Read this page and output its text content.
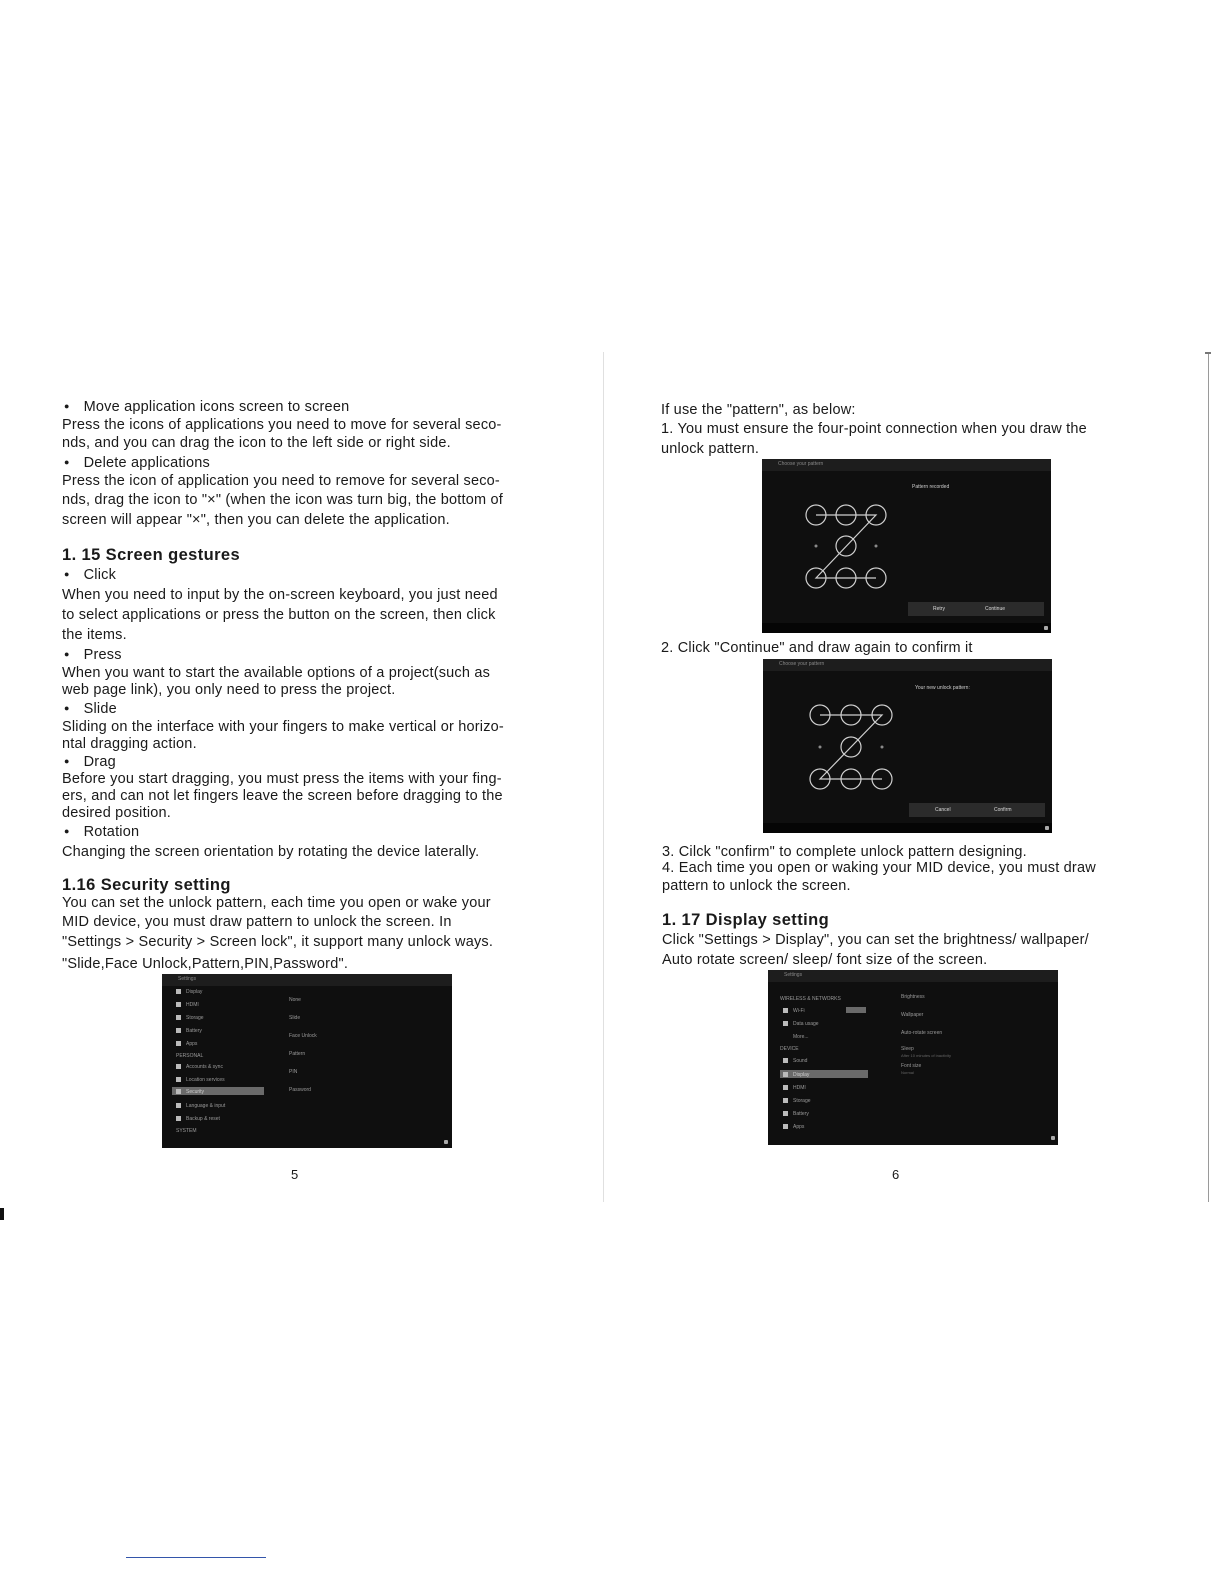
● Move application icons screen to screen
Press the icons of applications you need to move for several seco-
nds, and you can drag the icon to the left side or right side.
● Delete applications
Press the icon of application you need to remove for several seco-
nds, drag the icon to "×" (when the icon was turn big, the bottom of
screen will appear "×", then you can delete the application.
1. 15 Screen gestures
● Click
When you need to input by the on-screen keyboard, you just need
to select applications or press the button on the screen, then click
the items.
● Press
When you want to start the available options of a project(such as
web page link), you only need to press the project.
● Slide
Sliding on the interface with your fingers to make vertical or horizo-
ntal dragging action.
● Drag
Before you start dragging, you must press the items with your fing-
ers, and can not let fingers leave the screen before dragging to the
desired position.
● Rotation
Changing the screen orientation by rotating the device laterally.
1.16 Security setting
You can set the unlock pattern, each time you open or wake your
MID device, you must draw pattern to unlock the screen. In
"Settings > Security > Screen lock", it support many unlock ways.
"Slide,Face Unlock,Pattern,PIN,Password".
Settings
Display
HDMI
Storage
Battery
Apps
PERSONAL
Accounts & sync
Location services
Security
Language & input
Backup & reset
SYSTEM
None
Slide
Face Unlock
Pattern
PIN
Password
5
If use the "pattern", as below:
1. You must ensure the four-point connection when you draw the
unlock pattern.
Choose your pattern
Pattern recorded
Retry	Continue
2. Click "Continue" and draw again to confirm it
Choose your pattern
Your new unlock pattern:
Cancel	Confirm
3. Cilck "confirm" to complete unlock pattern designing.
4. Each time you open or waking your MID device, you must draw
pattern to unlock the screen.
1. 17 Display setting
Click "Settings > Display", you can set the brightness/ wallpaper/
Auto rotate screen/ sleep/ font size of the screen.
Settings
WIRELESS & NETWORKS
Wi-Fi
Data usage
More...
DEVICE
Sound
Display
HDMI
Storage
Battery
Apps
Brightness
Wallpaper
Auto-rotate screen
Sleep
After 10 minutes of inactivity
Font size
Normal
6
